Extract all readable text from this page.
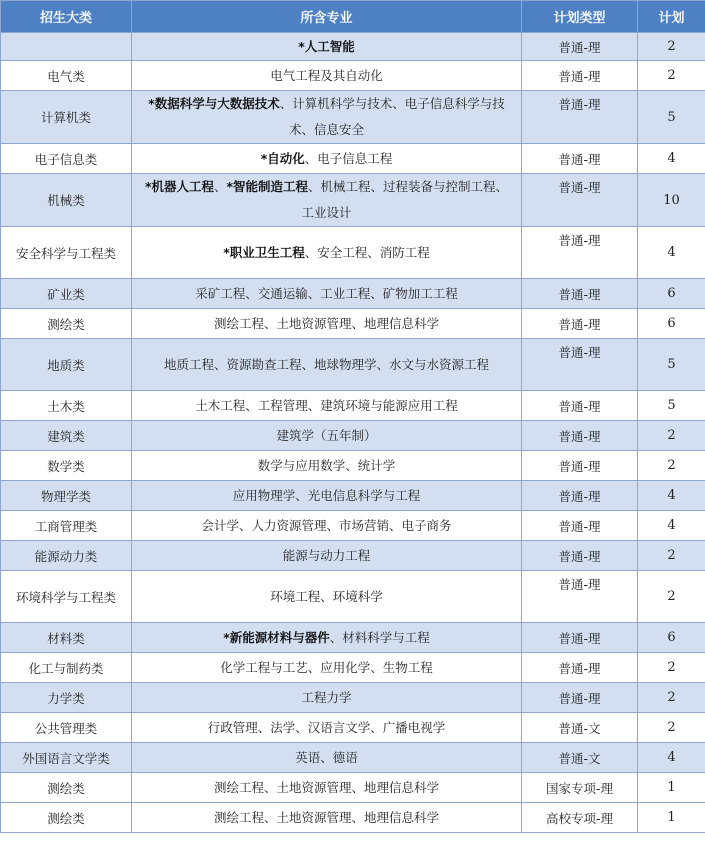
招生大类	所含专业	计划类型	计划
	*人工智能	普通-理	2
电气类	电气工程及其自动化	普通-理	2
计算机类	*数据科学与大数据技术、计算机科学与技术、电子信息科学与技术、信息安全	普通-理	5
电子信息类	*自动化、电子信息工程	普通-理	4
机械类	*机器人工程、*智能制造工程、机械工程、过程装备与控制工程、工业设计	普通-理	10
安全科学与工程类	*职业卫生工程、安全工程、消防工程	普通-理	4
矿业类	采矿工程、交通运输、工业工程、矿物加工工程	普通-理	6
测绘类	测绘工程、土地资源管理、地理信息科学	普通-理	6
地质类	地质工程、资源勘查工程、地球物理学、水文与水资源工程	普通-理	5
土木类	土木工程、工程管理、建筑环境与能源应用工程	普通-理	5
建筑类	建筑学（五年制）	普通-理	2
数学类	数学与应用数学、统计学	普通-理	2
物理学类	应用物理学、光电信息科学与工程	普通-理	4
工商管理类	会计学、人力资源管理、市场营销、电子商务	普通-理	4
能源动力类	能源与动力工程	普通-理	2
环境科学与工程类	环境工程、环境科学	普通-理	2
材料类	*新能源材料与器件、材料科学与工程	普通-理	6
化工与制药类	化学工程与工艺、应用化学、生物工程	普通-理	2
力学类	工程力学	普通-理	2
公共管理类	行政管理、法学、汉语言文学、广播电视学	普通-文	2
外国语言文学类	英语、德语	普通-文	4
测绘类	测绘工程、土地资源管理、地理信息科学	国家专项-理	1
测绘类	测绘工程、土地资源管理、地理信息科学	高校专项-理	1
